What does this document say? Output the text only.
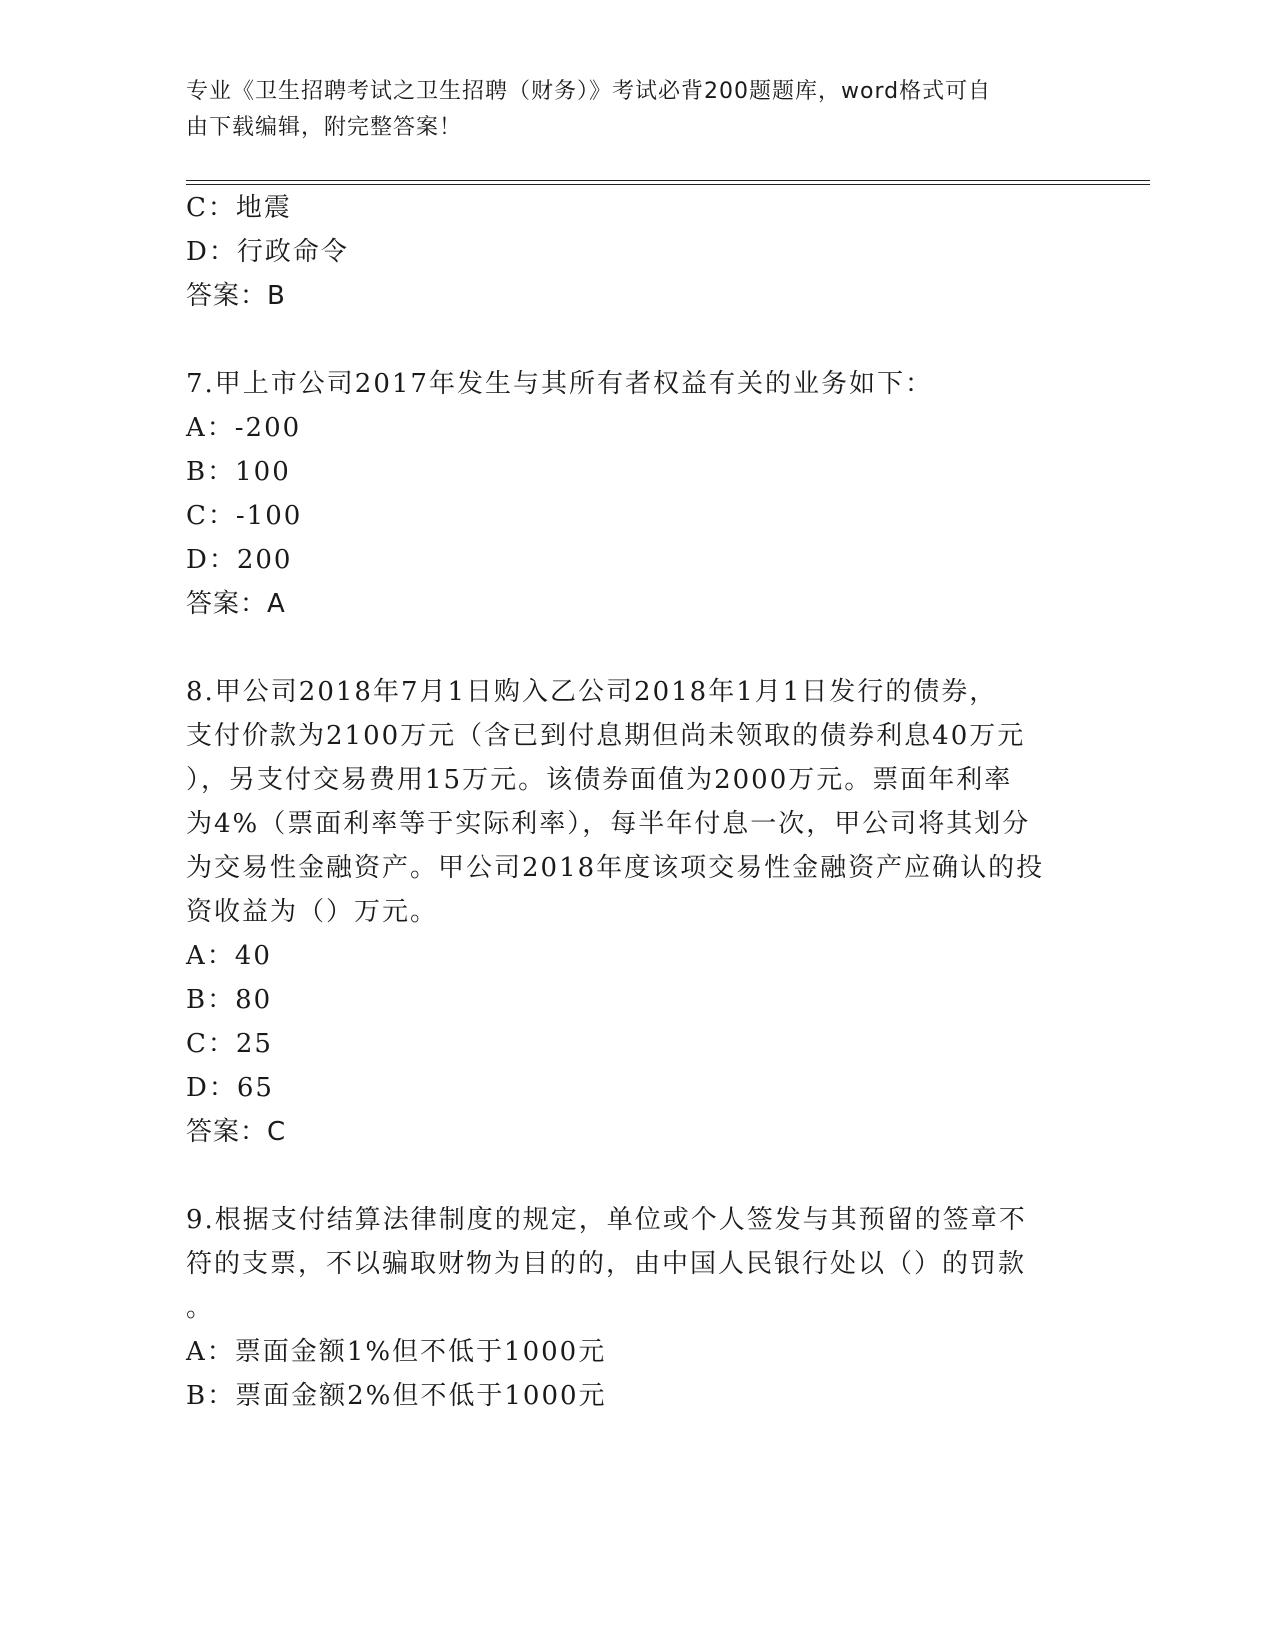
专业《卫生招聘考试之卫生招聘（财务）》考试必背200题题库，word格式可自
由下载编辑，附完整答案！
C：地震
D：行政命令
答案：B
7.甲上市公司2017年发生与其所有者权益有关的业务如下：
A：-200
B：100
C：-100
D：200
答案：A
8.甲公司2018年7月1日购入乙公司2018年1月1日发行的债券，
支付价款为2100万元（含已到付息期但尚未领取的债券利息40万元
），另支付交易费用15万元。该债券面值为2000万元。票面年利率
为4%（票面利率等于实际利率），每半年付息一次，甲公司将其划分
为交易性金融资产。甲公司2018年度该项交易性金融资产应确认的投
资收益为（）万元。
A：40
B：80
C：25
D：65
答案：C
9.根据支付结算法律制度的规定，单位或个人签发与其预留的签章不
符的支票，不以骗取财物为目的的，由中国人民银行处以（）的罚款
。
A：票面金额1%但不低于1000元
B：票面金额2%但不低于1000元
